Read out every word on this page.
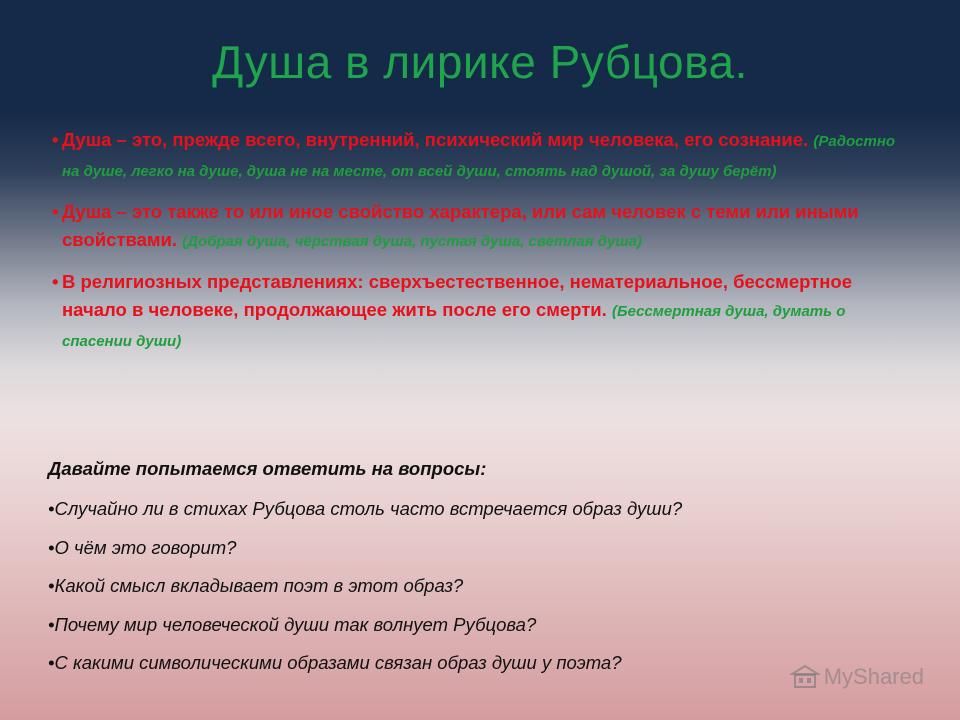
Душа в лирике Рубцова.
• Душа – это, прежде всего, внутренний, психический мир человека, его сознание. (Радостно на душе, легко на душе, душа не на месте, от всей души, стоять над душой, за душу берёт)
• Душа – это также то или иное свойство характера, или сам человек с теми или иными свойствами. (Добрая душа, чёрствая душа, пустая душа, светлая душа)
• В религиозных представлениях: сверхъестественное, нематериальное, бессмертное начало в человеке, продолжающее жить после его смерти. (Бессмертная душа, думать о спасении души)
Давайте попытаемся ответить на вопросы:
•Случайно ли в стихах Рубцова столь часто встречается образ души?
•О чём это говорит?
•Какой смысл вкладывает поэт в этот образ?
•Почему мир человеческой души так волнует Рубцова?
•С какими символическими образами связан образ души у поэта?
MyShared
